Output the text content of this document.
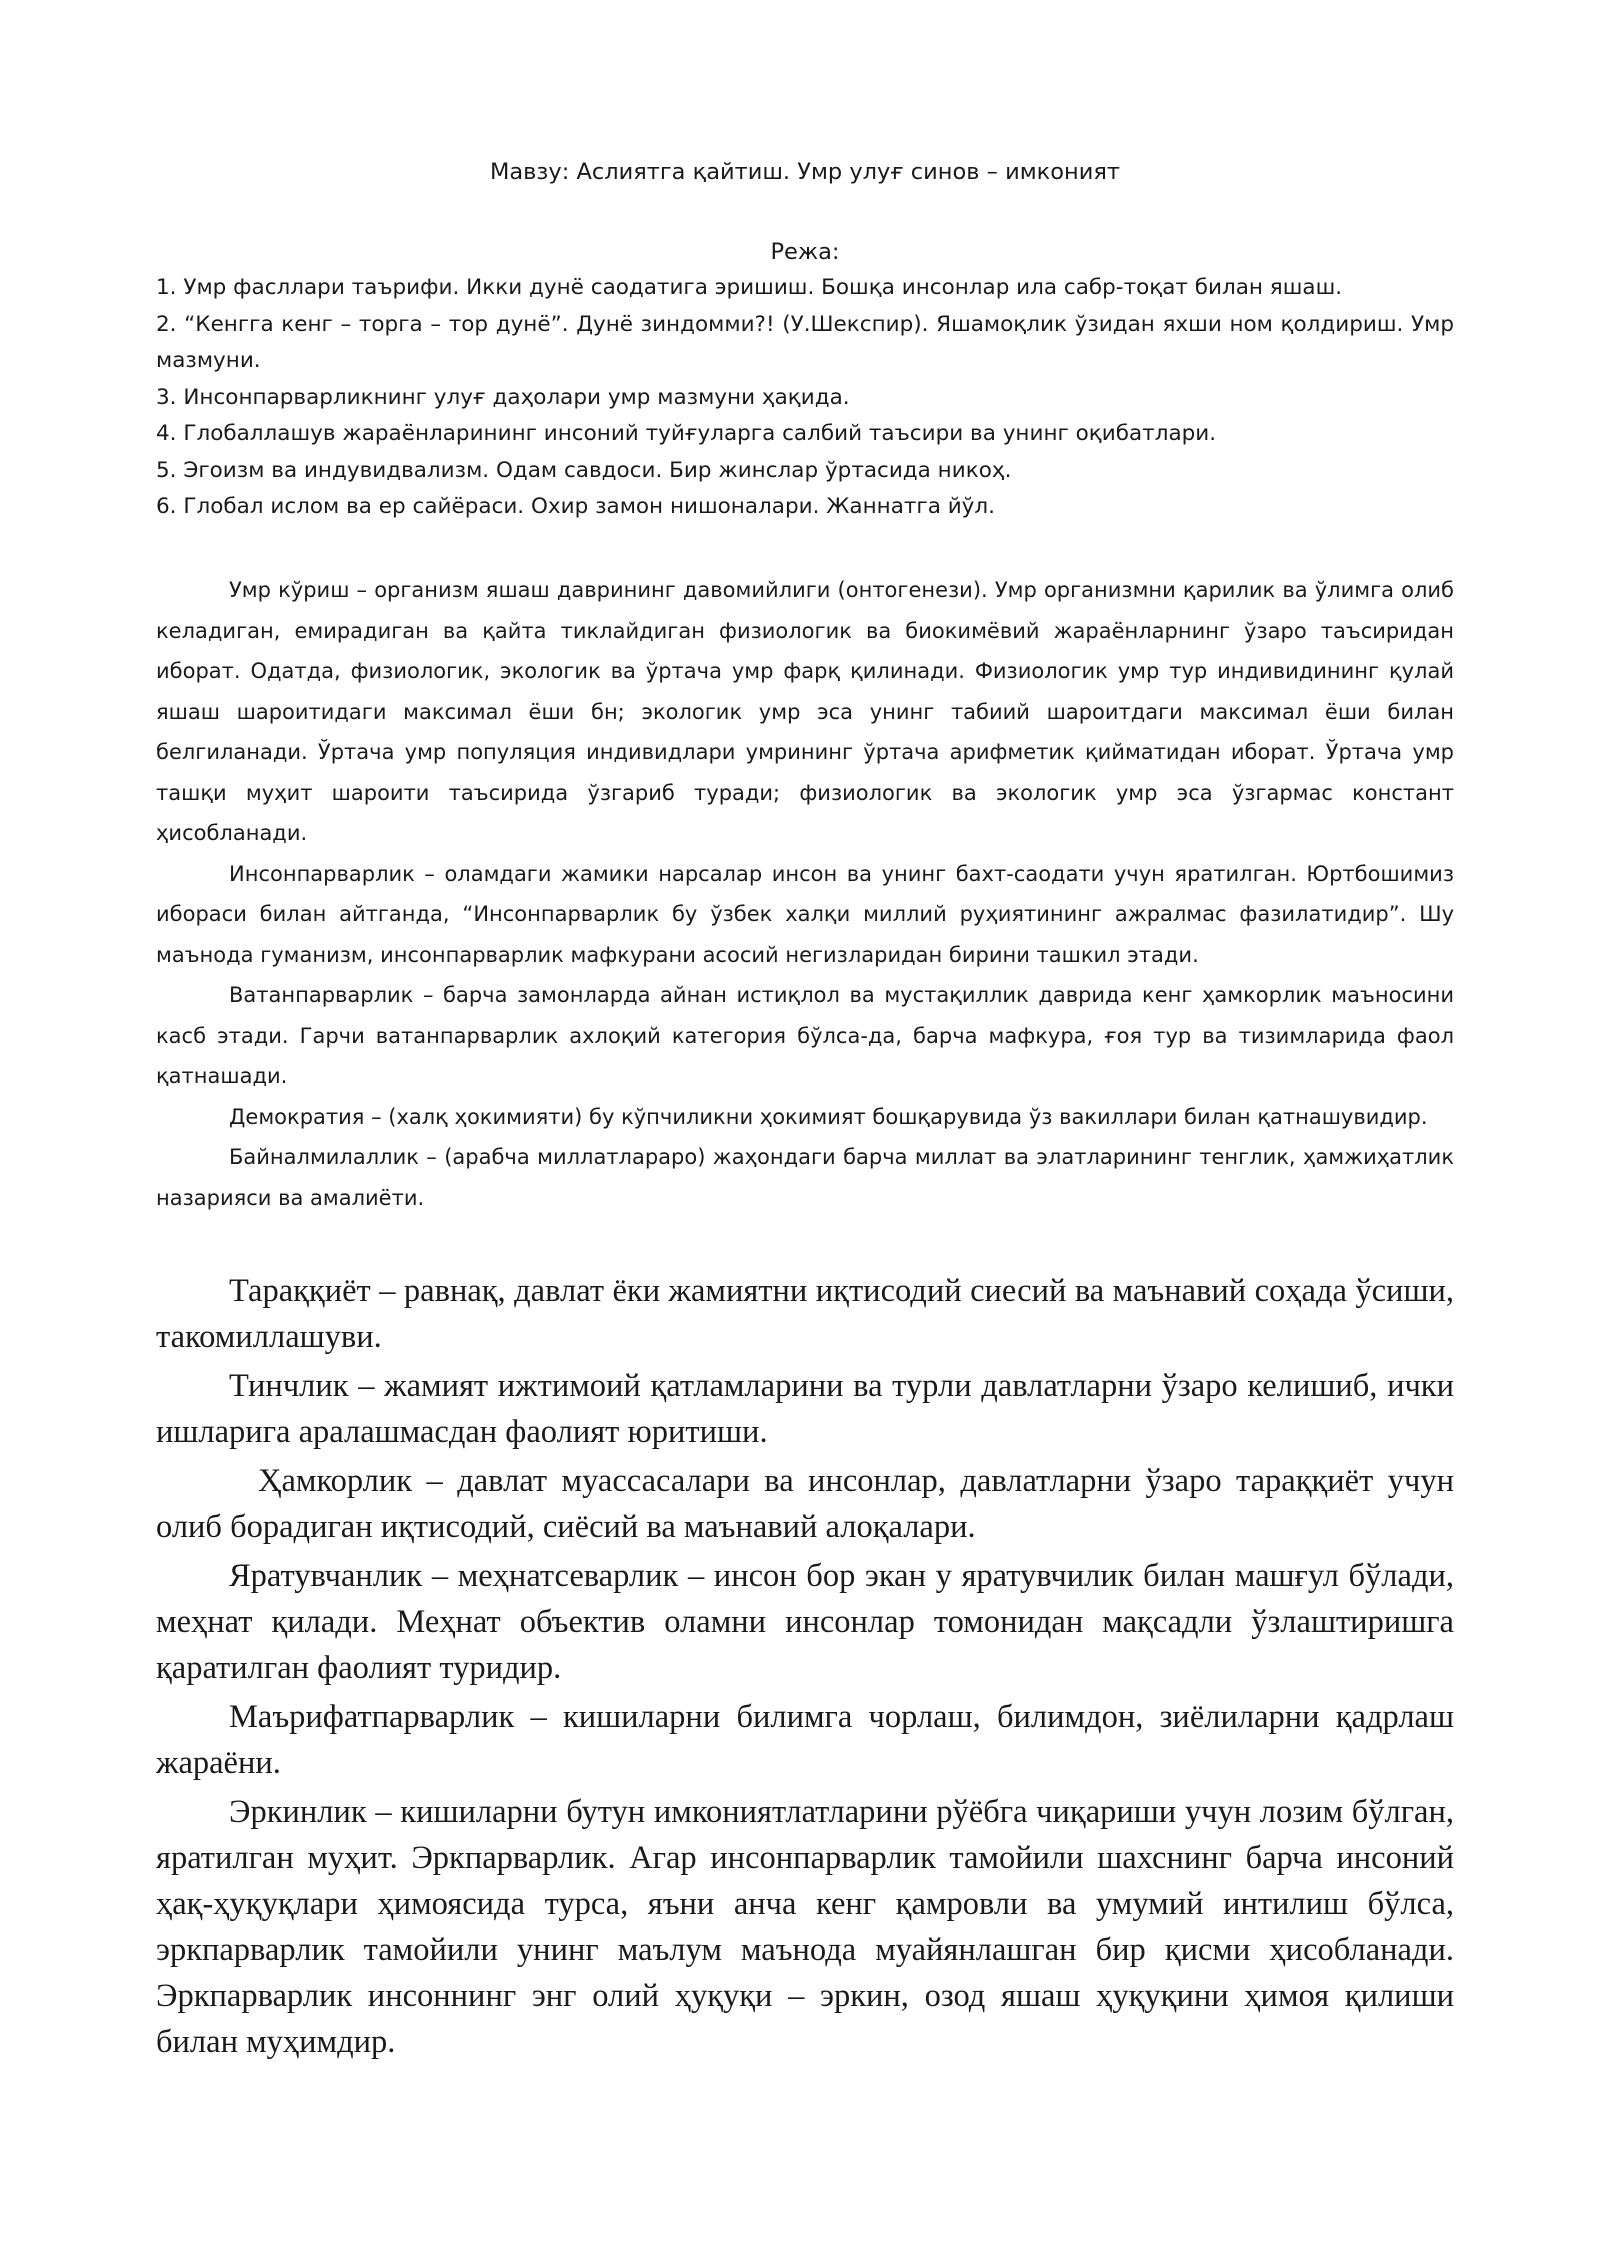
Мавзу: Аслиятга қайтиш. Умр улуғ синов – имконият

Режа:

1. Умр фасллари таърифи. Икки дунё саодатига эришиш. Бошқа инсонлар ила сабр-тоқат билан яшаш.
2. “Кенгга кенг – торга – тор дунё”. Дунё зиндомми?! (У.Шекспир). Яшамоқлик ўзидан яхши ном қолдириш. Умр мазмуни.
3. Инсонпарварликнинг улуғ даҳолари умр мазмуни ҳақида.
4. Глобаллашув жараёнларининг инсоний туйғуларга салбий таъсири ва унинг оқибатлари.
5. Эгоизм ва индувидвализм. Одам савдоси. Бир жинслар ўртасида никоҳ.
6. Глобал ислом ва ер сайёраси. Охир замон нишоналари. Жаннатга йўл.

Умр кўриш – организм яшаш даврининг давомийлиги (онтогенези). Умр организмни қарилик ва ўлимга олиб келадиган, емирадиган ва қайта тиклайдиган физиологик ва биокимёвий жараёнларнинг ўзаро таъсиридан иборат. Одатда, физиологик, экологик ва ўртача умр фарқ қилинади. Физиологик умр тур индивидининг қулай яшаш шароитидаги максимал ёши бн; экологик умр эса унинг табиий шароитдаги максимал ёши билан белгиланади. Ўртача умр популяция индивидлари умрининг ўртача арифметик қийматидан иборат. Ўртача умр ташқи муҳит шароити таъсирида ўзгариб туради; физиологик ва экологик умр эса ўзгармас констант ҳисобланади.

Инсонпарварлик – оламдаги жамики нарсалар инсон ва унинг бахт-саодати учун яратилган. Юртбошимиз ибораси билан айтганда, “Инсонпарварлик бу ўзбек халқи миллий руҳиятининг ажралмас фазилатидир”. Шу маънода гуманизм, инсонпарварлик мафкурани асосий негизларидан бирини ташкил этади.

Ватанпарварлик – барча замонларда айнан истиқлол ва мустақиллик даврида кенг ҳамкорлик маъносини касб этади. Гарчи ватанпарварлик ахлоқий категория бўлса-да, барча мафкура, ғоя тур ва тизимларида фаол қатнашади.

Демократия – (халқ ҳокимияти) бу кўпчиликни ҳокимият бошқарувида ўз вакиллари билан қатнашувидир.

Байналмилаллик – (арабча миллатлараро) жаҳондаги барча миллат ва элатларининг тенглик, ҳамжиҳатлик назарияси ва амалиёти.

Тараққиёт – равнақ, давлат ёки жамиятни иқтисодий сиесий ва маънавий соҳада ўсиши, такомиллашуви.

Тинчлик – жамият ижтимоий қатламларини ва турли давлатларни ўзаро келишиб, ички ишларига аралашмасдан фаолият юритиши.

Ҳамкорлик – давлат муассасалари ва инсонлар, давлатларни ўзаро тараққиёт учун олиб борадиган иқтисодий, сиёсий ва маънавий алоқалари.

Яратувчанлик – меҳнатсеварлик – инсон бор экан у яратувчилик билан машғул бўлади, меҳнат қилади. Меҳнат объектив оламни инсонлар томонидан мақсадли ўзлаштиришга қаратилган фаолият туридир.

Маърифатпарварлик – кишиларни билимга чорлаш, билимдон, зиёлиларни қадрлаш жараёни.

Эркинлик – кишиларни бутун имкониятлатларини рўёбга чиқариши учун лозим бўлган, яратилган муҳит. Эркпарварлик. Агар инсонпарварлик тамойили шахснинг барча инсоний ҳақ-ҳуқуқлари ҳимоясида турса, яъни анча кенг қамровли ва умумий интилиш бўлса, эркпарварлик тамойили унинг маълум маънода муайянлашган бир қисми ҳисобланади. Эркпарварлик инсоннинг энг олий ҳуқуқи – эркин, озод яшаш ҳуқуқини ҳимоя қилиши билан муҳимдир.
